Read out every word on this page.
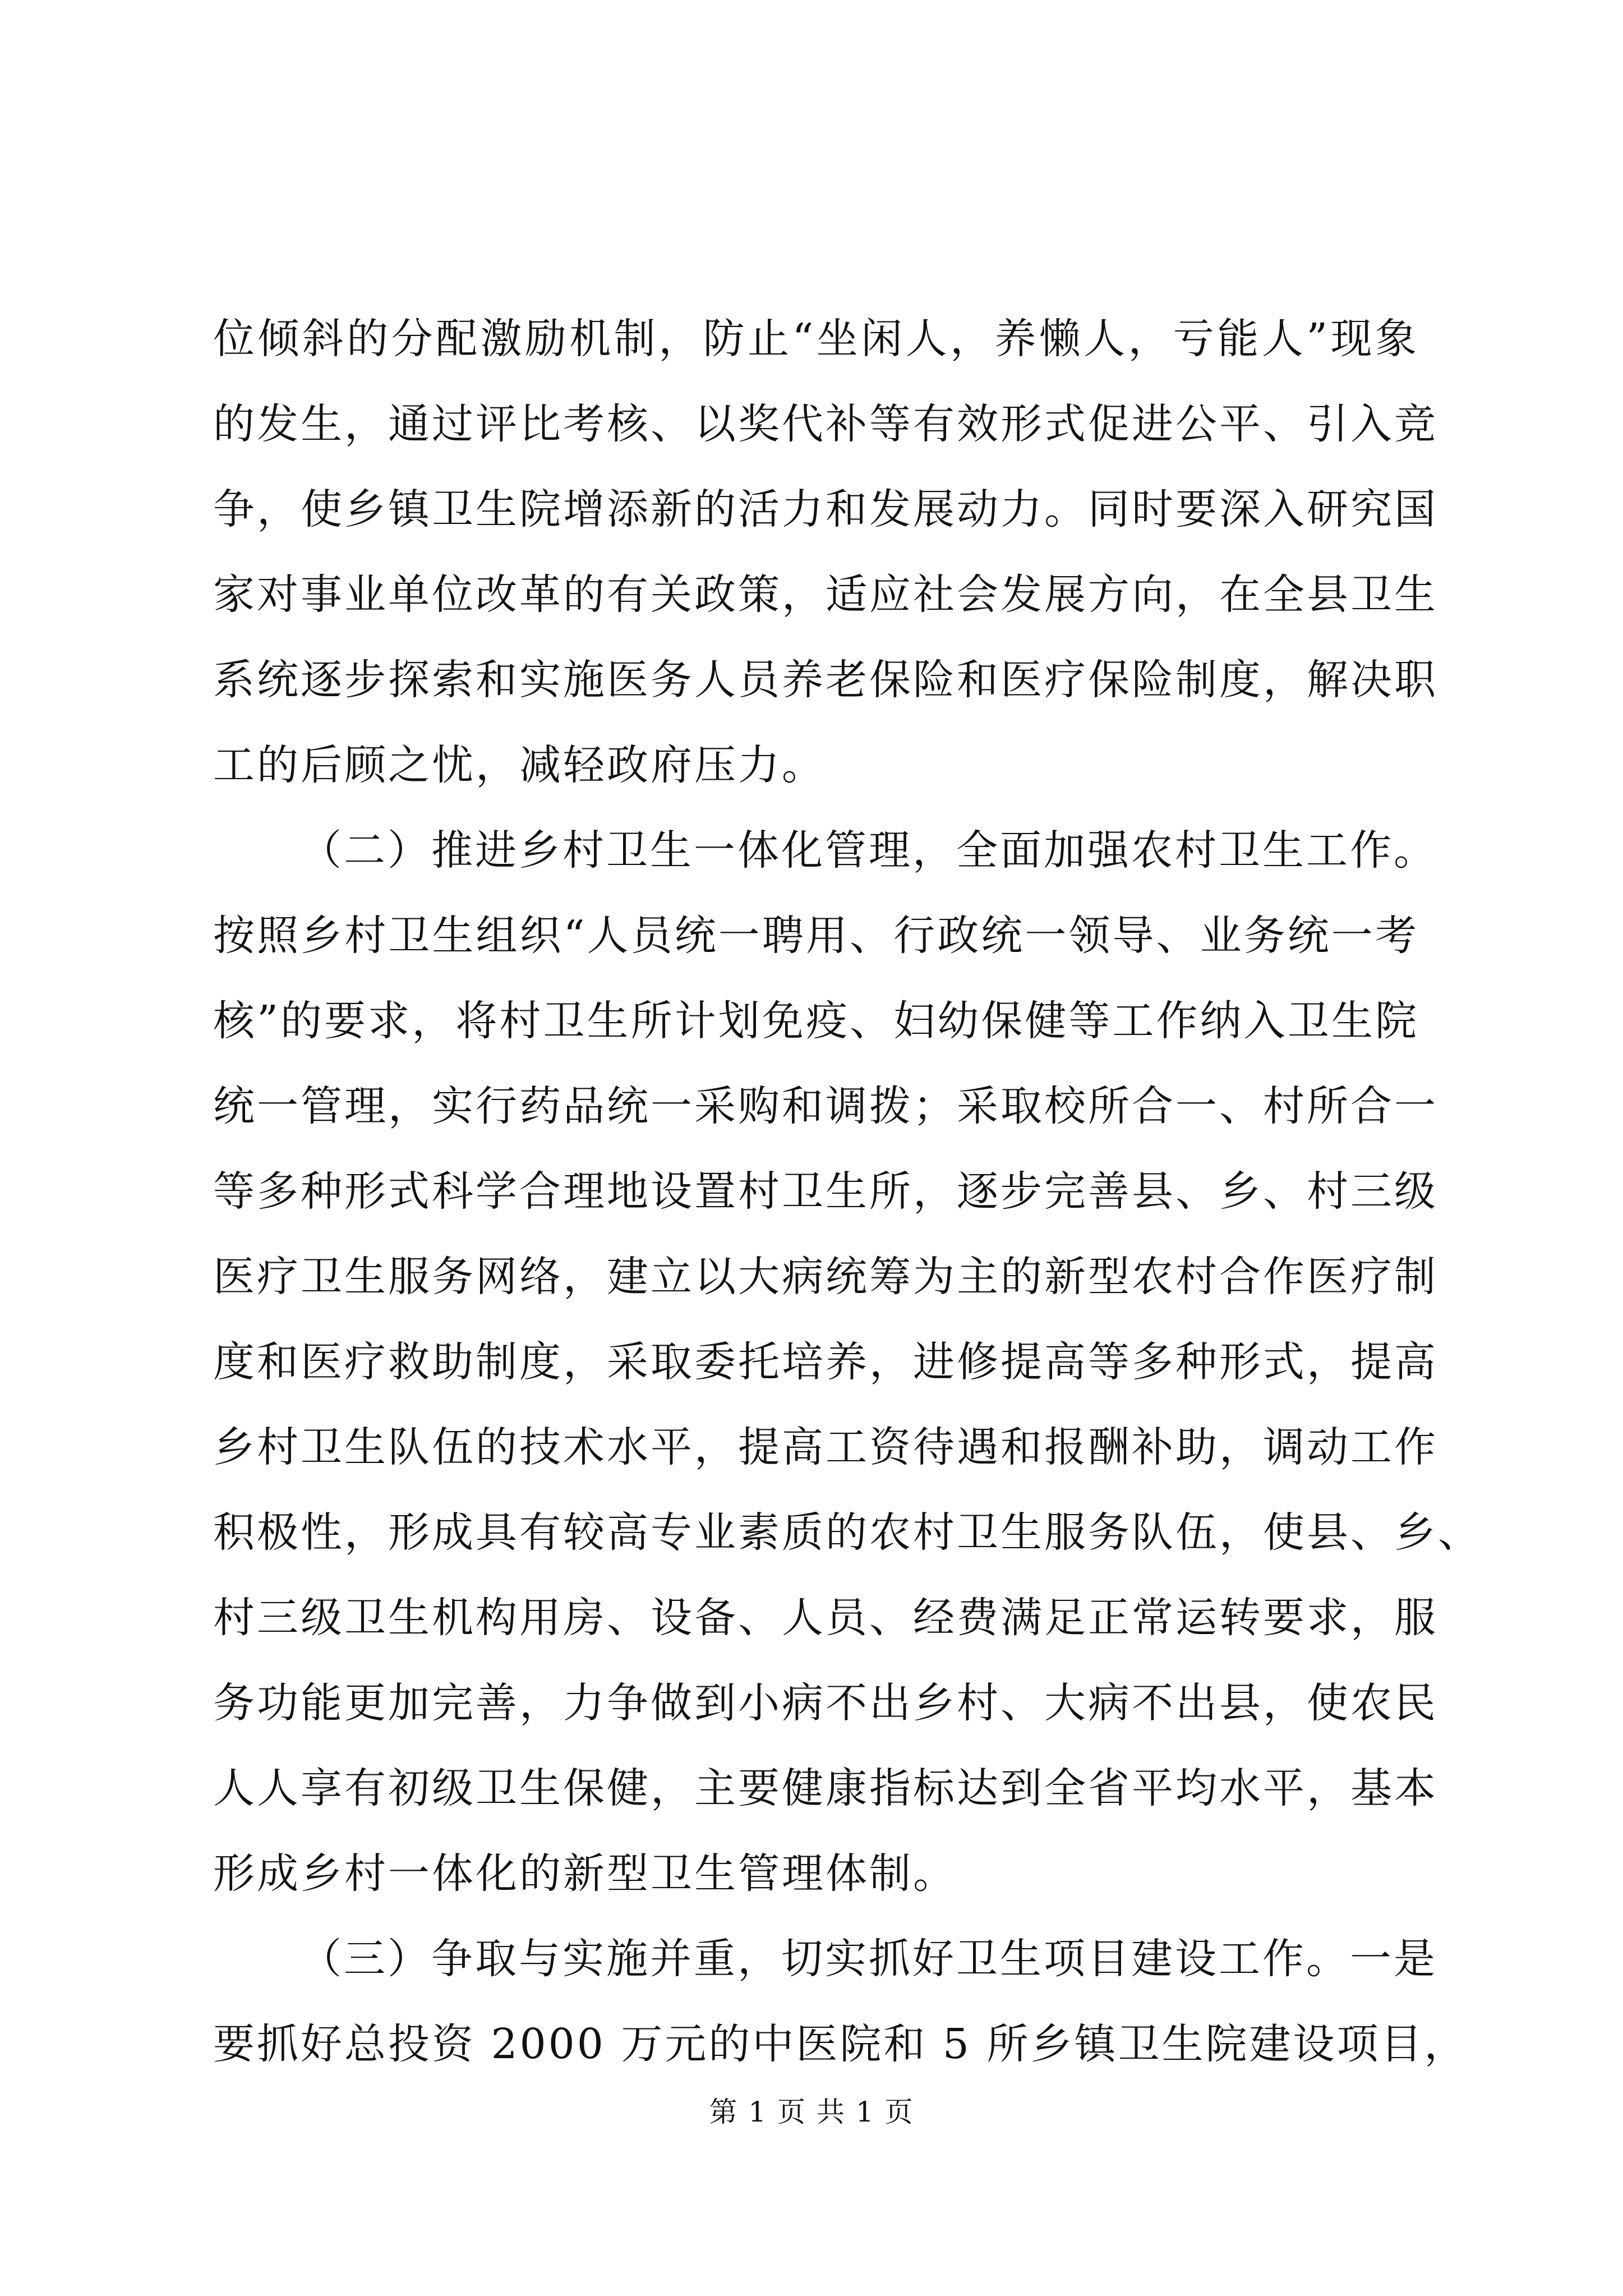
位倾斜的分配激励机制，防止“坐闲人，养懒人，亏能人”现象
的发生，通过评比考核、以奖代补等有效形式促进公平、引入竞
争，使乡镇卫生院增添新的活力和发展动力。同时要深入研究国
家对事业单位改革的有关政策，适应社会发展方向，在全县卫生
系统逐步探索和实施医务人员养老保险和医疗保险制度，解决职
工的后顾之忧，减轻政府压力。
（二）推进乡村卫生一体化管理，全面加强农村卫生工作。
按照乡村卫生组织“人员统一聘用、行政统一领导、业务统一考
核”的要求，将村卫生所计划免疫、妇幼保健等工作纳入卫生院
统一管理，实行药品统一采购和调拨；采取校所合一、村所合一
等多种形式科学合理地设置村卫生所，逐步完善县、乡、村三级
医疗卫生服务网络，建立以大病统筹为主的新型农村合作医疗制
度和医疗救助制度，采取委托培养，进修提高等多种形式，提高
乡村卫生队伍的技术水平，提高工资待遇和报酬补助，调动工作
积极性，形成具有较高专业素质的农村卫生服务队伍，使县、乡、
村三级卫生机构用房、设备、人员、经费满足正常运转要求，服
务功能更加完善，力争做到小病不出乡村、大病不出县，使农民
人人享有初级卫生保健，主要健康指标达到全省平均水平，基本
形成乡村一体化的新型卫生管理体制。
（三）争取与实施并重，切实抓好卫生项目建设工作。一是
要抓好总投资 2000 万元的中医院和 5 所乡镇卫生院建设项目，
第 1 页 共 1 页
